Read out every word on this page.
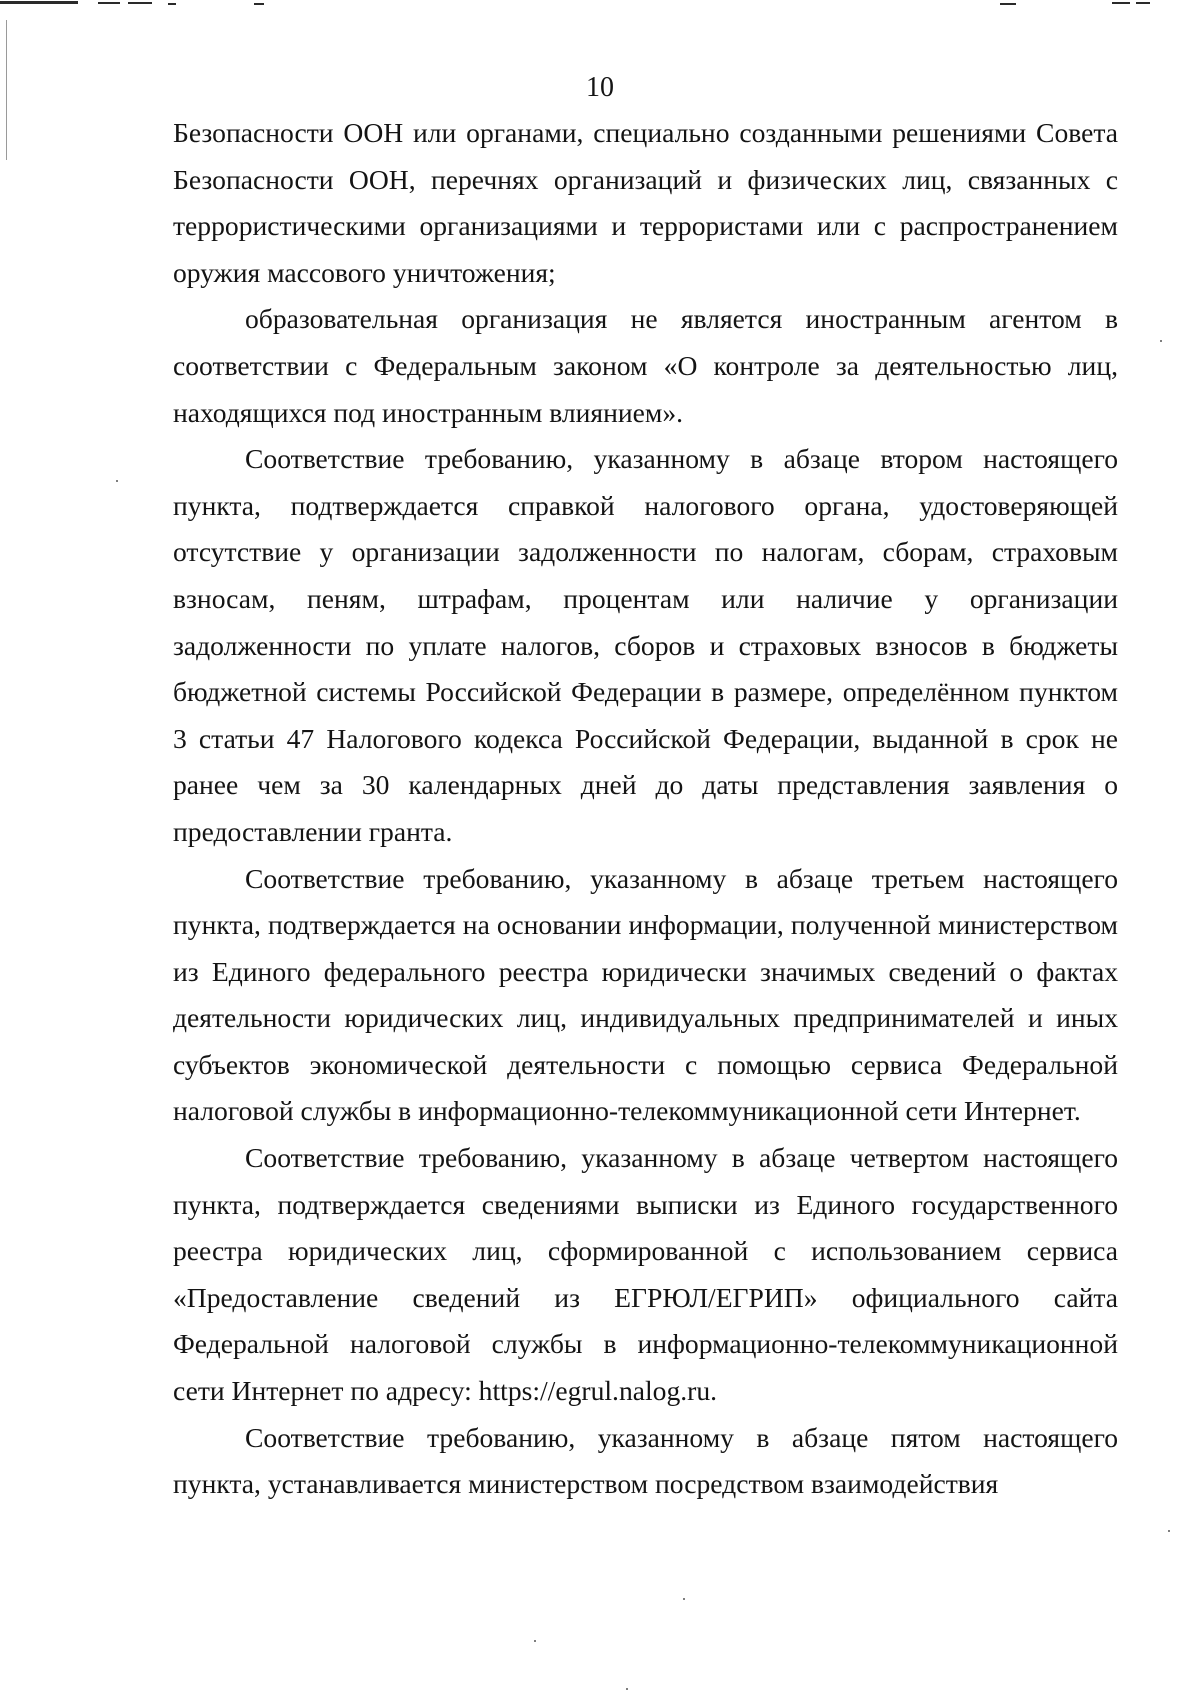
10

Безопасности ООН или органами, специально созданными решениями Совета Безопасности ООН, перечнях организаций и физических лиц, связанных с террористическими организациями и террористами или с распространением оружия массового уничтожения;

образовательная организация не является иностранным агентом в соответствии с Федеральным законом «О контроле за деятельностью лиц, находящихся под иностранным влиянием».

Соответствие требованию, указанному в абзаце втором настоящего пункта, подтверждается справкой налогового органа, удостоверяющей отсутствие у организации задолженности по налогам, сборам, страховым взносам, пеням, штрафам, процентам или наличие у организации задолженности по уплате налогов, сборов и страховых взносов в бюджеты бюджетной системы Российской Федерации в размере, определённом пунктом 3 статьи 47 Налогового кодекса Российской Федерации, выданной в срок не ранее чем за 30 календарных дней до даты представления заявления о предоставлении гранта.

Соответствие требованию, указанному в абзаце третьем настоящего пункта, подтверждается на основании информации, полученной министерством из Единого федерального реестра юридически значимых сведений о фактах деятельности юридических лиц, индивидуальных предпринимателей и иных субъектов экономической деятельности с помощью сервиса Федеральной налоговой службы в информационно-телекоммуникационной сети Интернет.

Соответствие требованию, указанному в абзаце четвертом настоящего пункта, подтверждается сведениями выписки из Единого государственного реестра юридических лиц, сформированной с использованием сервиса «Предоставление сведений из ЕГРЮЛ/ЕГРИП» официального сайта Федеральной налоговой службы в информационно-телекоммуникационной сети Интернет по адресу: https://egrul.nalog.ru.

Соответствие требованию, указанному в абзаце пятом настоящего пункта, устанавливается министерством посредством взаимодействия
